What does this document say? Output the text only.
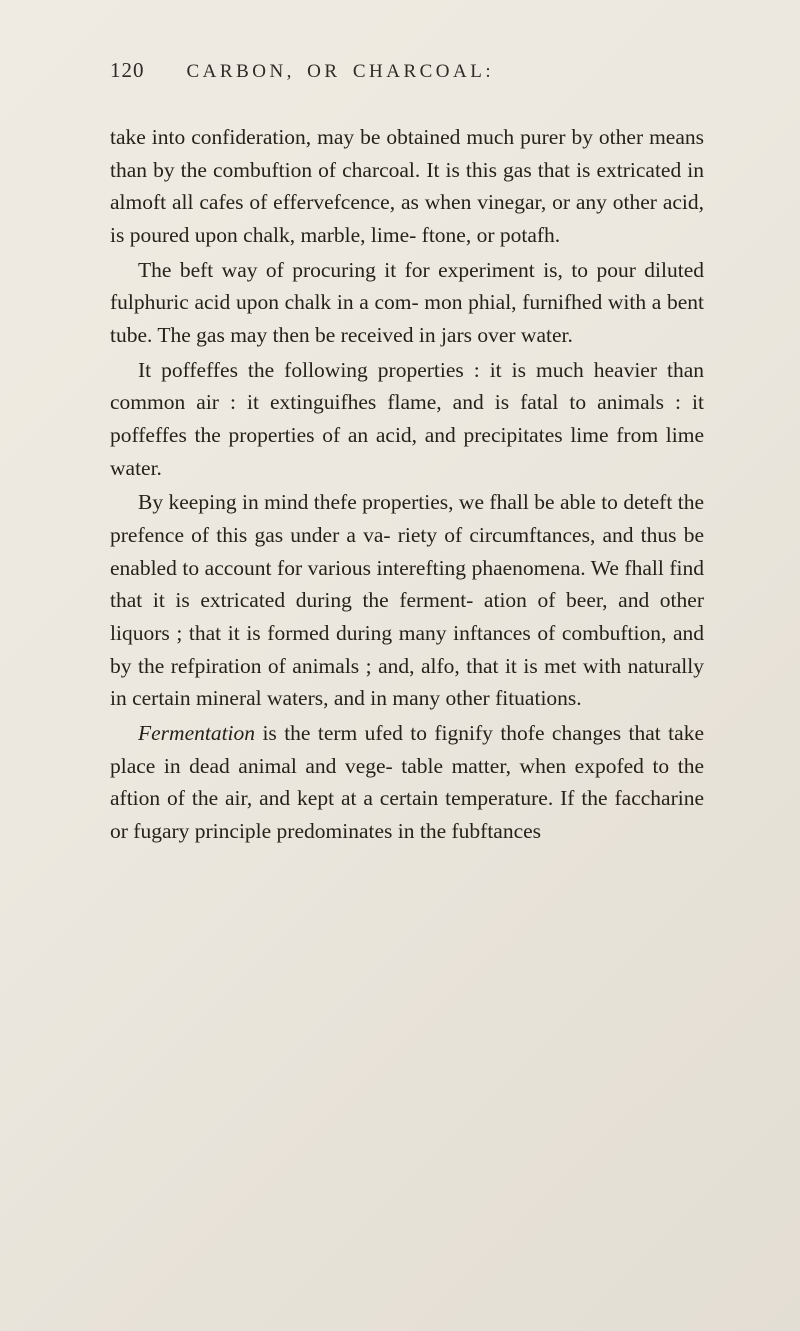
120 CARBON, OR CHARCOAL:

take into confideration, may be obtained much purer by other means than by the combuftion of charcoal. It is this gas that is extricated in almoft all cafes of effervefcence, as when vinegar, or any other acid, is poured upon chalk, marble, lime- ftone, or potafh.

The beft way of procuring it for experiment is, to pour diluted fulphuric acid upon chalk in a com- mon phial, furnifhed with a bent tube. The gas may then be received in jars over water.

It poffeffes the following properties : it is much heavier than common air : it extinguifhes flame, and is fatal to animals : it poffeffes the properties of an acid, and precipitates lime from lime water.

By keeping in mind thefe properties, we fhall be able to deteft the prefence of this gas under a va- riety of circumftances, and thus be enabled to account for various interefting phaenomena. We fhall find that it is extricated during the ferment- ation of beer, and other liquors ; that it is formed during many inftances of combuftion, and by the refpiration of animals ; and, alfo, that it is met with naturally in certain mineral waters, and in many other fituations.

Fermentation is the term ufed to fignify thofe changes that take place in dead animal and vege- table matter, when expofed to the aftion of the air, and kept at a certain temperature. If the faccharine or fugary principle predominates in the fubftances
